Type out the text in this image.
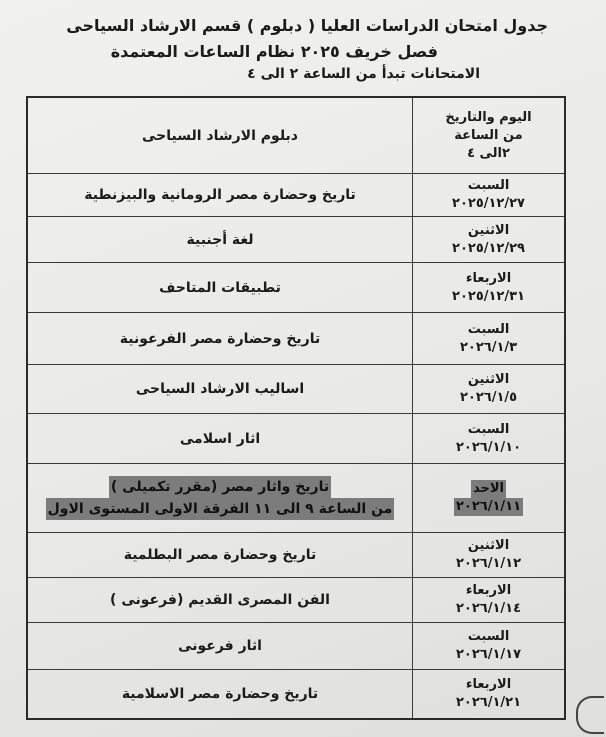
جدول امتحان الدراسات العليا ( دبلوم ) قسم الارشاد السياحى
فصل خريف ٢٠٢٥ نظام الساعات المعتمدة
الامتحانات تبدأ من الساعة ٢ الى ٤
اليوم والتاريخ
من الساعة
٢الى ٤
دبلوم الارشاد السياحى
السبت
٢٠٢٥/١٢/٢٧
تاريخ وحضارة مصر الرومانية والبيزنطية
الاثنين
٢٠٢٥/١٢/٢٩
لغة أجنبية
الاربعاء
٢٠٢٥/١٢/٣١
تطبيقات المتاحف
السبت
٢٠٢٦/١/٣
تاريخ وحضارة مصر الفرعونية
الاثنين
٢٠٢٦/١/٥
اساليب الارشاد السياحى
السبت
٢٠٢٦/١/١٠
اثار اسلامى
الاحد
٢٠٢٦/١/١١
تاريخ واثار مصر (مقرر تكميلى )
من الساعة ٩ الى ١١ الفرقة الاولى المستوى الاول
الاثنين
٢٠٢٦/١/١٢
تاريخ وحضارة مصر البطلمية
الاربعاء
٢٠٢٦/١/١٤
الفن المصرى القديم (فرعونى )
السبت
٢٠٢٦/١/١٧
اثار فرعونى
الاربعاء
٢٠٢٦/١/٢١
تاريخ وحضارة مصر الاسلامية
